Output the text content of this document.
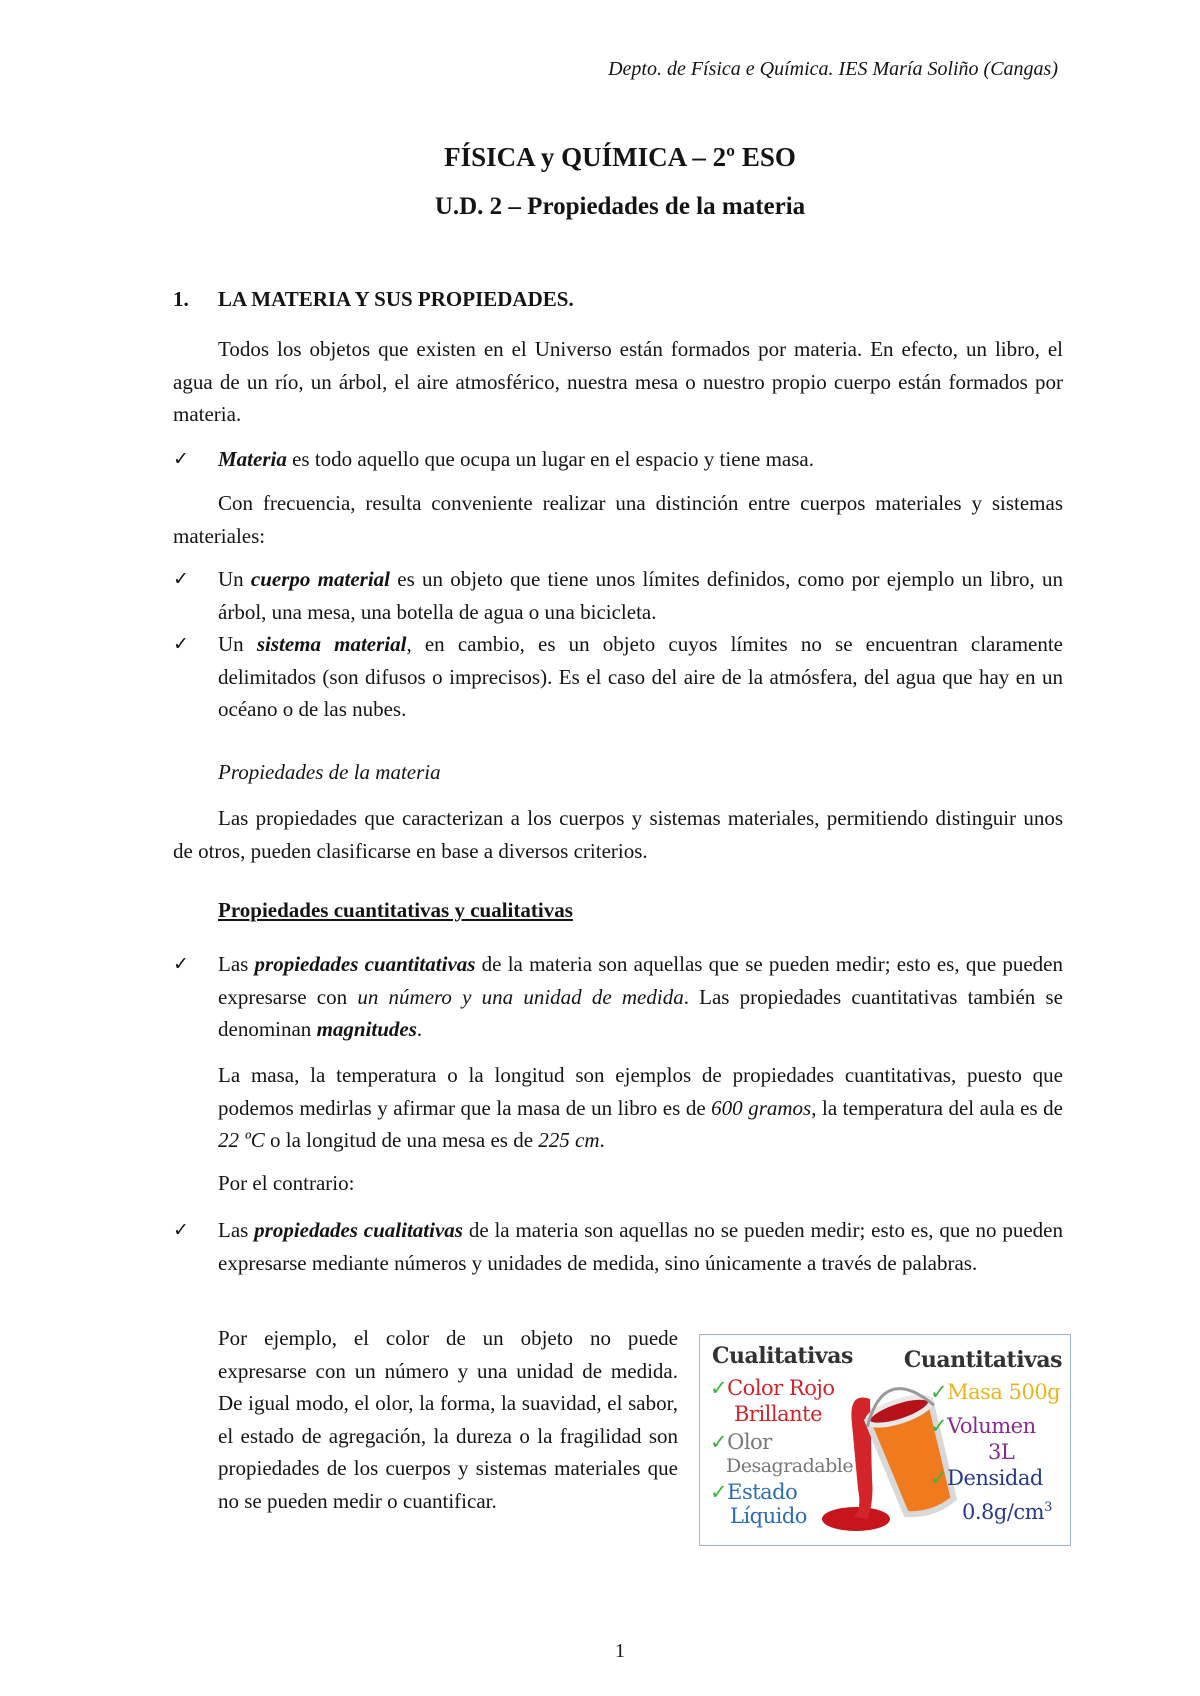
Depto. de Física e Química. IES María Soliño (Cangas)
FÍSICA y QUÍMICA – 2º ESO
U.D. 2 – Propiedades de la materia
1. LA MATERIA Y SUS PROPIEDADES.
Todos los objetos que existen en el Universo están formados por materia. En efecto, un libro, el agua de un río, un árbol, el aire atmosférico, nuestra mesa o nuestro propio cuerpo están formados por materia.
✓	Materia es todo aquello que ocupa un lugar en el espacio y tiene masa.
Con frecuencia, resulta conveniente realizar una distinción entre cuerpos materiales y sistemas materiales:
✓	Un cuerpo material es un objeto que tiene unos límites definidos, como por ejemplo un libro, un árbol, una mesa, una botella de agua o una bicicleta.
✓	Un sistema material, en cambio, es un objeto cuyos límites no se encuentran claramente delimitados (son difusos o imprecisos). Es el caso del aire de la atmósfera, del agua que hay en un océano o de las nubes.
Propiedades de la materia
Las propiedades que caracterizan a los cuerpos y sistemas materiales, permitiendo distinguir unos de otros, pueden clasificarse en base a diversos criterios.
Propiedades cuantitativas y cualitativas
✓	Las propiedades cuantitativas de la materia son aquellas que se pueden medir; esto es, que pueden expresarse con un número y una unidad de medida. Las propiedades cuantitativas también se denominan magnitudes.
La masa, la temperatura o la longitud son ejemplos de propiedades cuantitativas, puesto que podemos medirlas y afirmar que la masa de un libro es de 600 gramos, la temperatura del aula es de 22 ºC o la longitud de una mesa es de 225 cm.
Por el contrario:
✓	Las propiedades cualitativas de la materia son aquellas no se pueden medir; esto es, que no pueden expresarse mediante números y unidades de medida, sino únicamente a través de palabras.
Por ejemplo, el color de un objeto no puede expresarse con un número y una unidad de medida. De igual modo, el olor, la forma, la suavidad, el sabor, el estado de agregación, la dureza o la fragilidad son propiedades de los cuerpos y sistemas materiales que no se pueden medir o cuantificar.
Cualitativas Cuantitativas
✓Color Rojo
Brillante
✓Olor
Desagradable
✓Estado
Líquido
✓Masa 500g
✓Volumen
3L
✓Densidad
$0.8g/cm^3$
1
